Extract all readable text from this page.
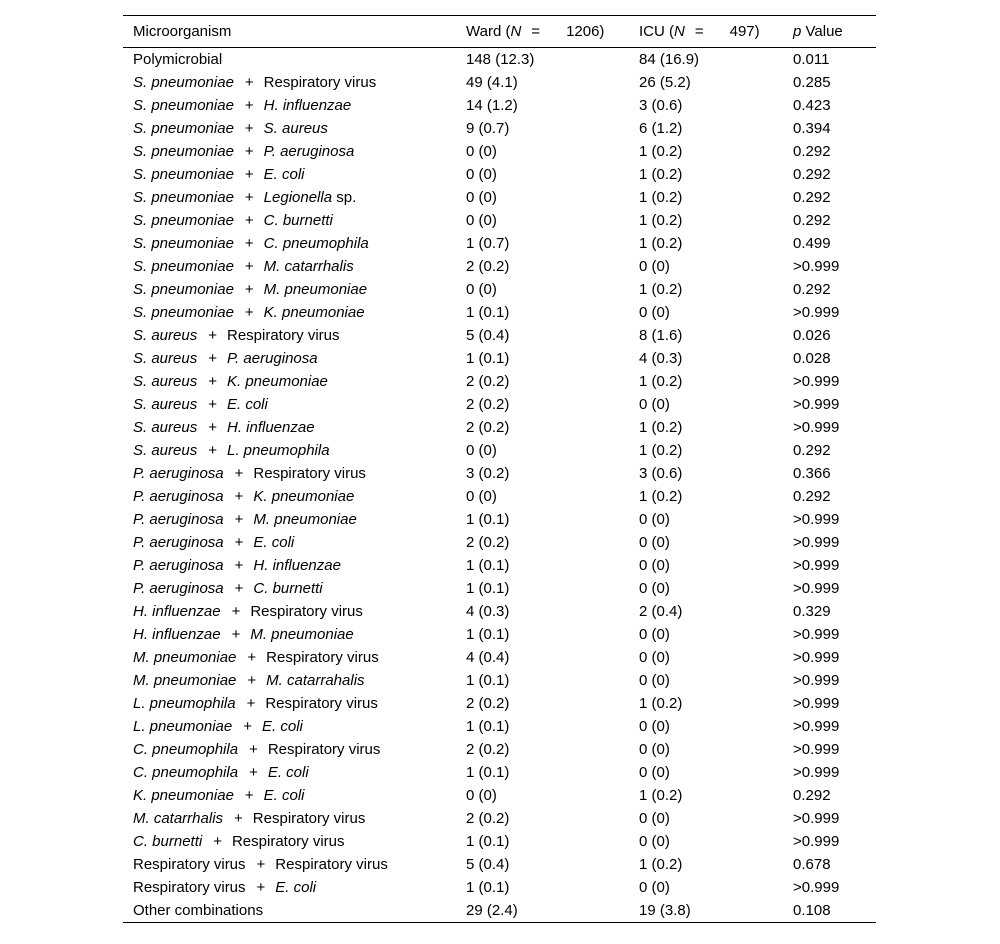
Microorganism	Ward (N = 1206)	ICU (N = 497)	p Value
Polymicrobial	148 (12.3)	84 (16.9)	0.011
S. pneumoniae + Respiratory virus	49 (4.1)	26 (5.2)	0.285
S. pneumoniae + H. influenzae	14 (1.2)	3 (0.6)	0.423
S. pneumoniae + S. aureus	9 (0.7)	6 (1.2)	0.394
S. pneumoniae + P. aeruginosa	0 (0)	1 (0.2)	0.292
S. pneumoniae + E. coli	0 (0)	1 (0.2)	0.292
S. pneumoniae + Legionella sp.	0 (0)	1 (0.2)	0.292
S. pneumoniae + C. burnetti	0 (0)	1 (0.2)	0.292
S. pneumoniae + C. pneumophila	1 (0.7)	1 (0.2)	0.499
S. pneumoniae + M. catarrhalis	2 (0.2)	0 (0)	>0.999
S. pneumoniae + M. pneumoniae	0 (0)	1 (0.2)	0.292
S. pneumoniae + K. pneumoniae	1 (0.1)	0 (0)	>0.999
S. aureus + Respiratory virus	5 (0.4)	8 (1.6)	0.026
S. aureus + P. aeruginosa	1 (0.1)	4 (0.3)	0.028
S. aureus + K. pneumoniae	2 (0.2)	1 (0.2)	>0.999
S. aureus + E. coli	2 (0.2)	0 (0)	>0.999
S. aureus + H. influenzae	2 (0.2)	1 (0.2)	>0.999
S. aureus + L. pneumophila	0 (0)	1 (0.2)	0.292
P. aeruginosa + Respiratory virus	3 (0.2)	3 (0.6)	0.366
P. aeruginosa + K. pneumoniae	0 (0)	1 (0.2)	0.292
P. aeruginosa + M. pneumoniae	1 (0.1)	0 (0)	>0.999
P. aeruginosa + E. coli	2 (0.2)	0 (0)	>0.999
P. aeruginosa + H. influenzae	1 (0.1)	0 (0)	>0.999
P. aeruginosa + C. burnetti	1 (0.1)	0 (0)	>0.999
H. influenzae + Respiratory virus	4 (0.3)	2 (0.4)	0.329
H. influenzae + M. pneumoniae	1 (0.1)	0 (0)	>0.999
M. pneumoniae + Respiratory virus	4 (0.4)	0 (0)	>0.999
M. pneumoniae + M. catarrahalis	1 (0.1)	0 (0)	>0.999
L. pneumophila + Respiratory virus	2 (0.2)	1 (0.2)	>0.999
L. pneumoniae + E. coli	1 (0.1)	0 (0)	>0.999
C. pneumophila + Respiratory virus	2 (0.2)	0 (0)	>0.999
C. pneumophila + E. coli	1 (0.1)	0 (0)	>0.999
K. pneumoniae + E. coli	0 (0)	1 (0.2)	0.292
M. catarrhalis + Respiratory virus	2 (0.2)	0 (0)	>0.999
C. burnetti + Respiratory virus	1 (0.1)	0 (0)	>0.999
Respiratory virus + Respiratory virus	5 (0.4)	1 (0.2)	0.678
Respiratory virus + E. coli	1 (0.1)	0 (0)	>0.999
Other combinations	29 (2.4)	19 (3.8)	0.108
